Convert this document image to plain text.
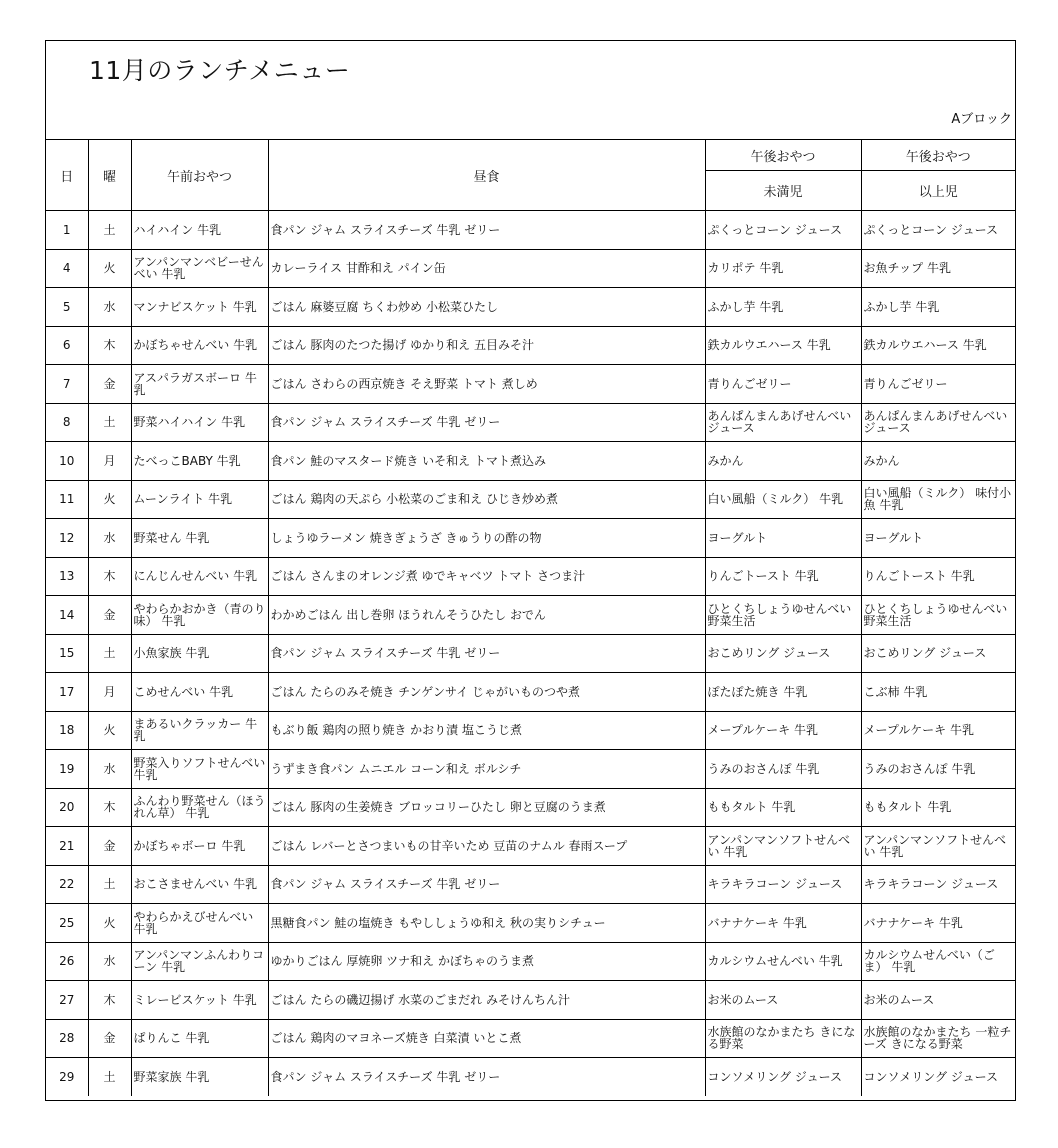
11月のランチメニュー
Aブロック
日	曜	午前おやつ	昼食	午後おやつ	午後おやつ
				未満児	以上児
1	土	ハイハイン 牛乳	食パン ジャム スライスチーズ 牛乳 ゼリー	ぷくっとコーン ジュース	ぷくっとコーン ジュース
4	火	アンパンマンベビーせんべい 牛乳	カレーライス 甘酢和え パイン缶	カリポテ 牛乳	お魚チップ 牛乳
5	水	マンナビスケット 牛乳	ごはん 麻婆豆腐 ちくわ炒め 小松菜ひたし	ふかし芋 牛乳	ふかし芋 牛乳
6	木	かぼちゃせんべい 牛乳	ごはん 豚肉のたつた揚げ ゆかり和え 五目みそ汁	鉄カルウエハース 牛乳	鉄カルウエハース 牛乳
7	金	アスパラガスボーロ 牛乳	ごはん さわらの西京焼き そえ野菜 トマト 煮しめ	青りんごゼリー	青りんごゼリー
8	土	野菜ハイハイン 牛乳	食パン ジャム スライスチーズ 牛乳 ゼリー	あんぱんまんあげせんべいジュース	あんぱんまんあげせんべいジュース
10	月	たべっこBABY 牛乳	食パン 鮭のマスタード焼き いそ和え トマト煮込み	みかん	みかん
11	火	ムーンライト 牛乳	ごはん 鶏肉の天ぷら 小松菜のごま和え ひじき炒め煮	白い風船（ミルク） 牛乳	白い風船（ミルク） 味付小魚 牛乳
12	水	野菜せん 牛乳	しょうゆラーメン 焼きぎょうざ きゅうりの酢の物	ヨーグルト	ヨーグルト
13	木	にんじんせんべい 牛乳	ごはん さんまのオレンジ煮 ゆでキャベツ トマト さつま汁	りんごトースト 牛乳	りんごトースト 牛乳
14	金	やわらかおかき（青のり味） 牛乳	わかめごはん 出し巻卵 ほうれんそうひたし おでん	ひとくちしょうゆせんべい 野菜生活	ひとくちしょうゆせんべい 野菜生活
15	土	小魚家族 牛乳	食パン ジャム スライスチーズ 牛乳 ゼリー	おこめリング ジュース	おこめリング ジュース
17	月	こめせんべい 牛乳	ごはん たらのみそ焼き チンゲンサイ じゃがいものつや煮	ぽたぽた焼き 牛乳	こぶ柿 牛乳
18	火	まあるいクラッカー 牛乳	もぶり飯 鶏肉の照り焼き かおり漬 塩こうじ煮	メープルケーキ 牛乳	メープルケーキ 牛乳
19	水	野菜入りソフトせんべい 牛乳	うずまき食パン ムニエル コーン和え ボルシチ	うみのおさんぽ 牛乳	うみのおさんぽ 牛乳
20	木	ふんわり野菜せん（ほうれん草） 牛乳	ごはん 豚肉の生姜焼き ブロッコリーひたし 卵と豆腐のうま煮	ももタルト 牛乳	ももタルト 牛乳
21	金	かぼちゃボーロ 牛乳	ごはん レバーとさつまいもの甘辛いため 豆苗のナムル 春雨スープ	アンパンマンソフトせんべい 牛乳	アンパンマンソフトせんべい 牛乳
22	土	おこさませんべい 牛乳	食パン ジャム スライスチーズ 牛乳 ゼリー	キラキラコーン ジュース	キラキラコーン ジュース
25	火	やわらかえびせんべい 牛乳	黒糖食パン 鮭の塩焼き もやししょうゆ和え 秋の実りシチュー	バナナケーキ 牛乳	バナナケーキ 牛乳
26	水	アンパンマンふんわりコーン 牛乳	ゆかりごはん 厚焼卵 ツナ和え かぼちゃのうま煮	カルシウムせんべい 牛乳	カルシウムせんべい（ごま） 牛乳
27	木	ミレービスケット 牛乳	ごはん たらの磯辺揚げ 水菜のごまだれ みそけんちん汁	お米のムース	お米のムース
28	金	ぱりんこ 牛乳	ごはん 鶏肉のマヨネーズ焼き 白菜漬 いとこ煮	水族館のなかまたち きになる野菜	水族館のなかまたち 一粒チーズ きになる野菜
29	土	野菜家族 牛乳	食パン ジャム スライスチーズ 牛乳 ゼリー	コンソメリング ジュース	コンソメリング ジュース
